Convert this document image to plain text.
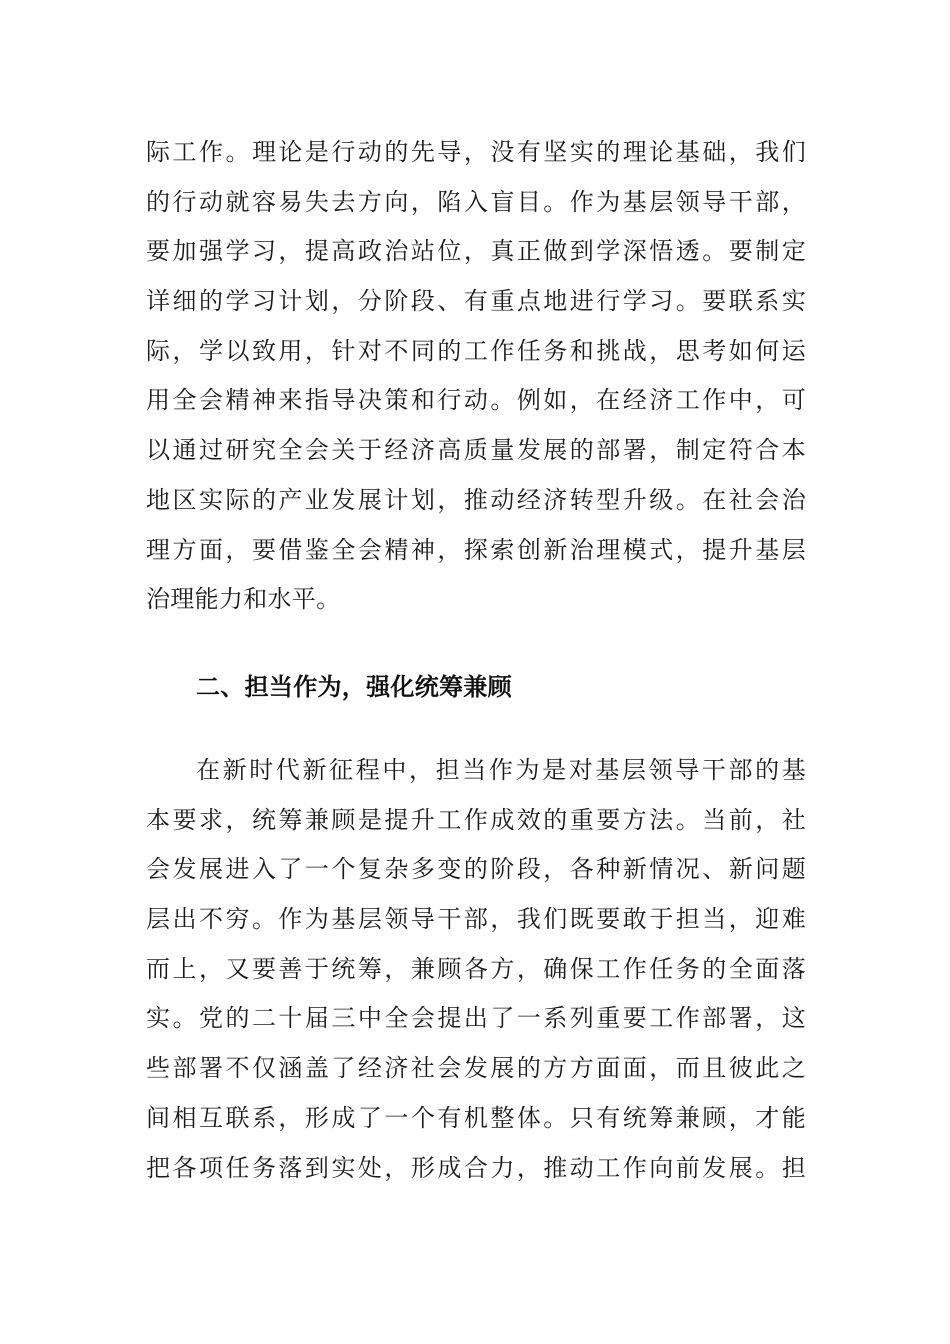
际工作。理论是行动的先导，没有坚实的理论基础，我们
的行动就容易失去方向，陷入盲目。作为基层领导干部，
要加强学习，提高政治站位，真正做到学深悟透。要制定
详细的学习计划，分阶段、有重点地进行学习。要联系实
际，学以致用，针对不同的工作任务和挑战，思考如何运
用全会精神来指导决策和行动。例如，在经济工作中，可
以通过研究全会关于经济高质量发展的部署，制定符合本
地区实际的产业发展计划，推动经济转型升级。在社会治
理方面，要借鉴全会精神，探索创新治理模式，提升基层
治理能力和水平。
二、担当作为，强化统筹兼顾
在新时代新征程中，担当作为是对基层领导干部的基
本要求，统筹兼顾是提升工作成效的重要方法。当前，社
会发展进入了一个复杂多变的阶段，各种新情况、新问题
层出不穷。作为基层领导干部，我们既要敢于担当，迎难
而上，又要善于统筹，兼顾各方，确保工作任务的全面落
实。党的二十届三中全会提出了一系列重要工作部署，这
些部署不仅涵盖了经济社会发展的方方面面，而且彼此之
间相互联系，形成了一个有机整体。只有统筹兼顾，才能
把各项任务落到实处，形成合力，推动工作向前发展。担
